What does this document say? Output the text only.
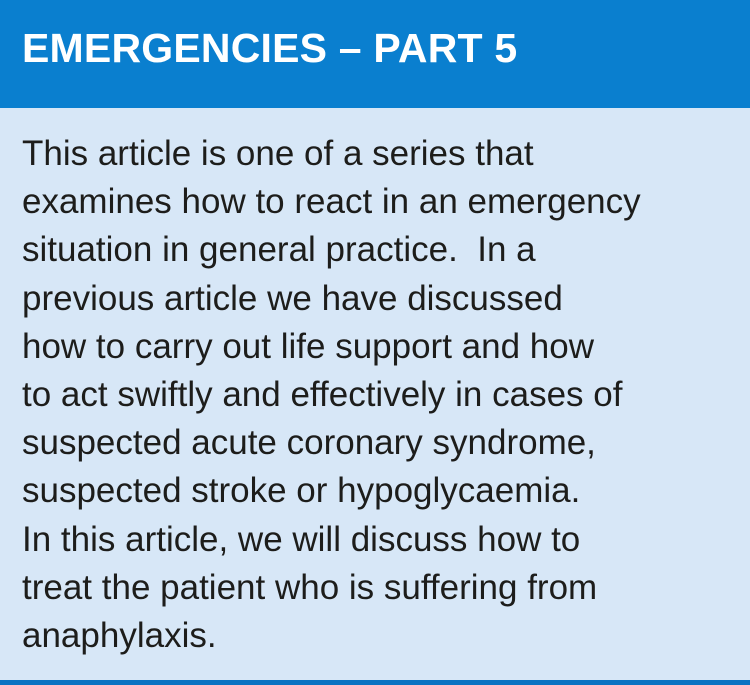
EMERGENCIES – PART 5
This article is one of a series that
examines how to react in an emergency
situation in general practice.  In a
previous article we have discussed
how to carry out life support and how
to act swiftly and effectively in cases of
suspected acute coronary syndrome,
suspected stroke or hypoglycaemia.
In this article, we will discuss how to
treat the patient who is suffering from
anaphylaxis.
